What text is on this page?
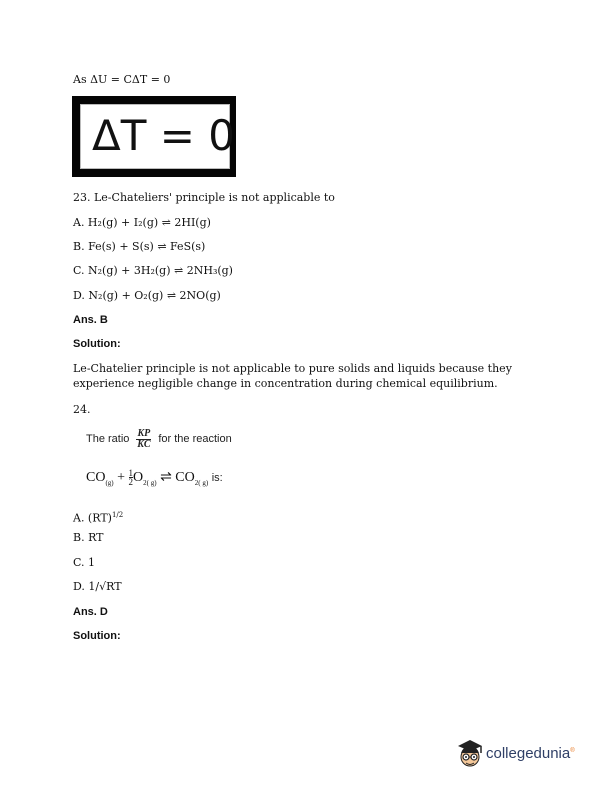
As ΔU = CΔT = 0
ΔT = 0
23. Le-Chateliers' principle is not applicable to
A. H₂(g) + I₂(g) ⇌ 2HI(g)
B. Fe(s) + S(s) ⇌ FeS(s)
C. N₂(g) + 3H₂(g) ⇌ 2NH₃(g)
D. N₂(g) + O₂(g) ⇌ 2NO(g)
Ans. B
Solution:
Le-Chatelier principle is not applicable to pure solids and liquids because they experience negligible change in concentration during chemical equilibrium.
24.
The ratio $\frac{KP}{KC}$ for the reaction
$CO_{(g)} + \frac{1}{2} O_{2( g)}$ ⇌ $CO_{2( g)}$ is:
A. (RT)$^{1/2}$
B. RT
C. 1
D. 1/√RT
Ans. D
Solution:
collegedunia®
